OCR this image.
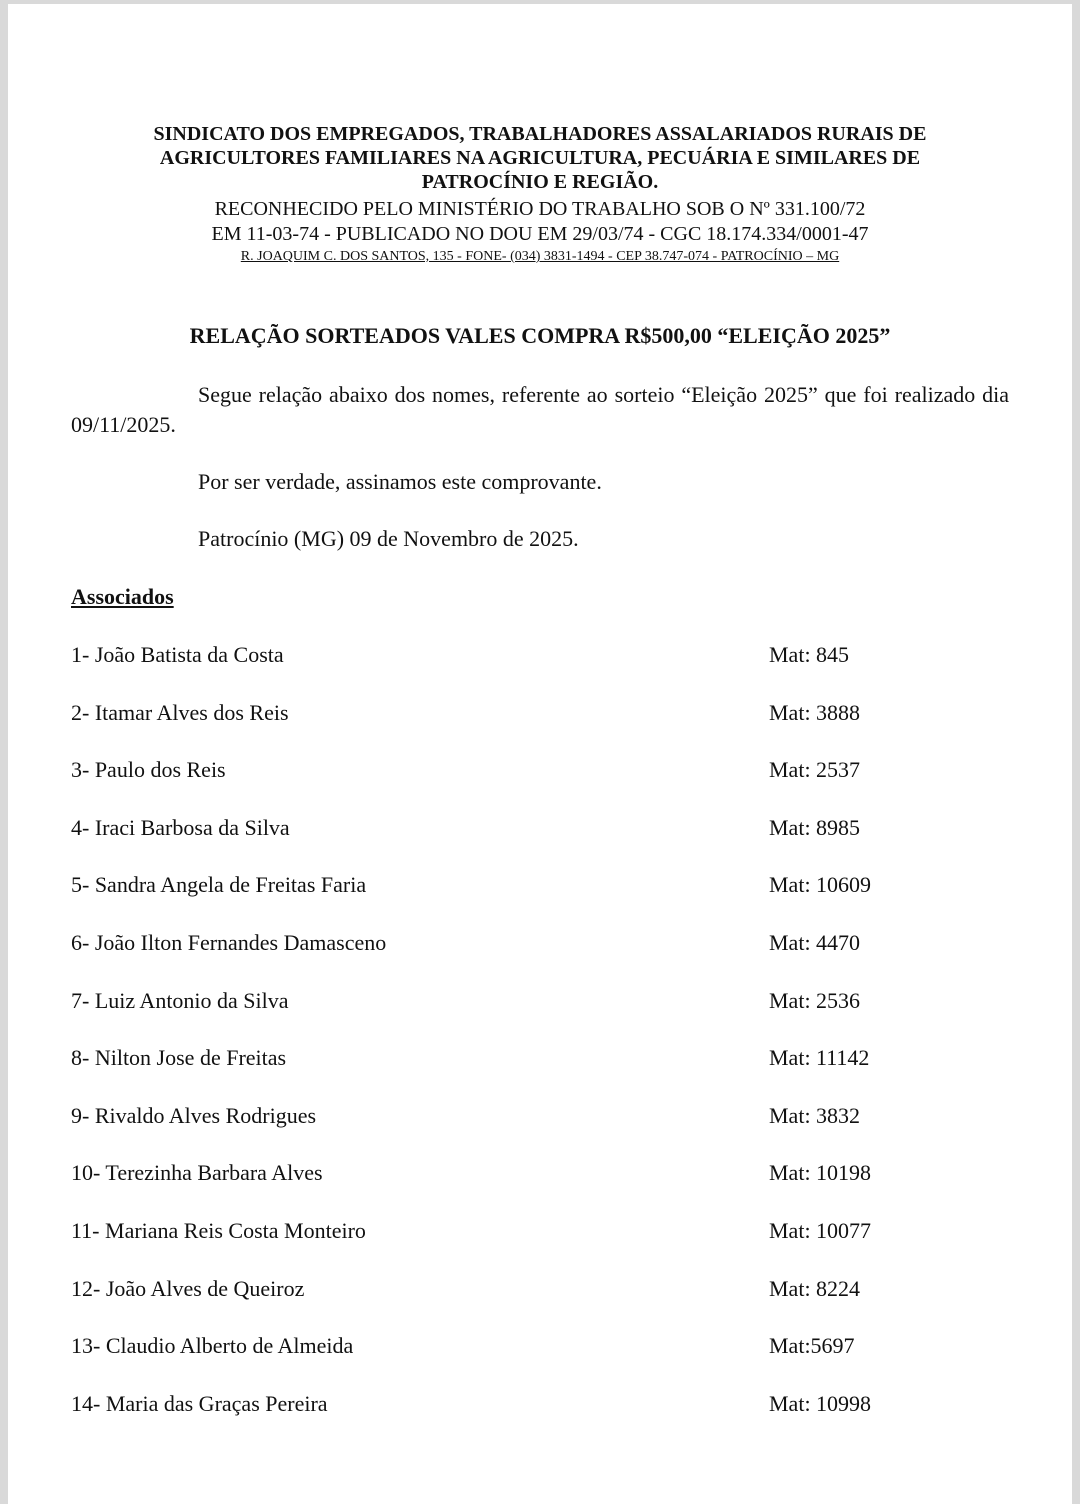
SINDICATO DOS EMPREGADOS, TRABALHADORES ASSALARIADOS RURAIS DE
AGRICULTORES FAMILIARES NA AGRICULTURA, PECUÁRIA E SIMILARES DE
PATROCÍNIO E REGIÃO.
RECONHECIDO PELO MINISTÉRIO DO TRABALHO SOB O Nº 331.100/72
EM 11-03-74 - PUBLICADO NO DOU EM 29/03/74 - CGC 18.174.334/0001-47
R. JOAQUIM C. DOS SANTOS, 135 - FONE- (034) 3831-1494 - CEP 38.747-074 - PATROCÍNIO – MG
RELAÇÃO SORTEADOS VALES COMPRA R$500,00 “ELEIÇÃO 2025”
Segue relação abaixo dos nomes, referente ao sorteio “Eleição 2025” que foi realizado dia 09/11/2025.
Por ser verdade, assinamos este comprovante.
Patrocínio (MG) 09 de Novembro de 2025.
Associados
1- João Batista da Costa	Mat: 845
2- Itamar Alves dos Reis	Mat: 3888
3- Paulo dos Reis	Mat: 2537
4- Iraci Barbosa da Silva	Mat: 8985
5- Sandra Angela de Freitas Faria	Mat: 10609
6- João Ilton Fernandes Damasceno	Mat: 4470
7- Luiz Antonio da Silva	Mat: 2536
8- Nilton Jose de Freitas	Mat: 11142
9- Rivaldo Alves Rodrigues	Mat: 3832
10- Terezinha Barbara Alves	Mat: 10198
11- Mariana Reis Costa Monteiro	Mat: 10077
12- João Alves de Queiroz	Mat: 8224
13- Claudio Alberto de Almeida	Mat:5697
14- Maria das Graças Pereira	Mat: 10998
